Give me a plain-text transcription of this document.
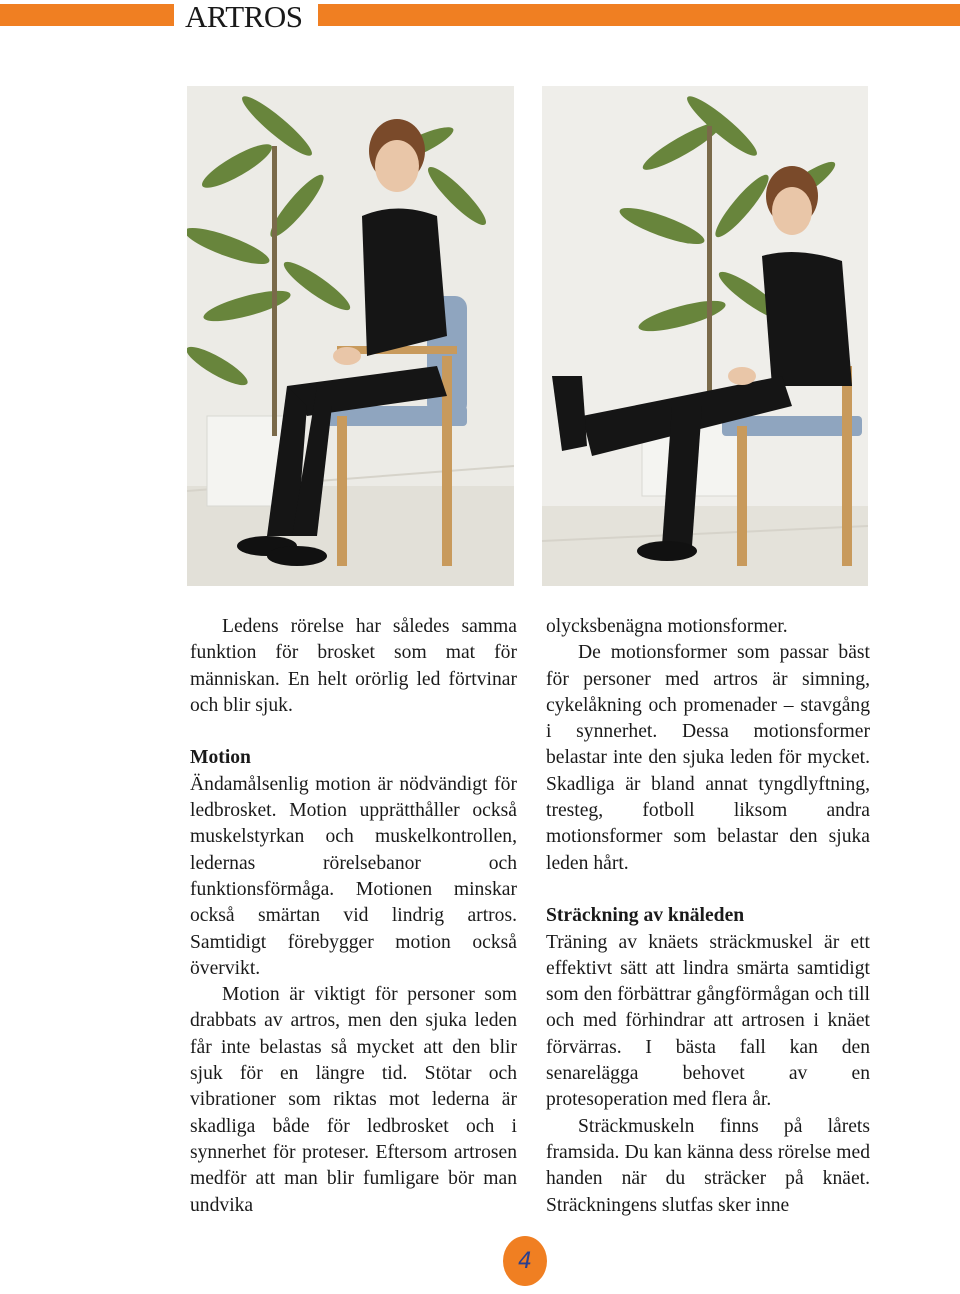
ARTROS

Ledens rörelse har således samma funktion för brosket som mat för människan. En helt orörlig led förtvinar och blir sjuk.

Motion

Ändamålsenlig motion är nödvändigt för ledbrosket. Motion upprätthåller också muskelstyrkan och muskelkontrollen, ledernas rörelsebanor och funktionsförmåga. Motionen minskar också smärtan vid lindrig artros. Samtidigt förebygger motion också övervikt.

Motion är viktigt för personer som drabbats av artros, men den sjuka leden får inte belastas så mycket att den blir sjuk för en längre tid. Stötar och vibrationer som riktas mot lederna är skadliga både för ledbrosket och i synnerhet för proteser. Eftersom artrosen medför att man blir fumligare bör man undvika

olycksbenägna motionsformer.

De motionsformer som passar bäst för personer med artros är simning, cykelåkning och promenader – stavgång i synnerhet. Dessa motionsformer belastar inte den sjuka leden för mycket. Skadliga är bland annat tyngdlyftning, tresteg, fotboll liksom andra motionsformer som belastar den sjuka leden hårt.

Sträckning av knäleden

Träning av knäets sträckmuskel är ett effektivt sätt att lindra smärta samtidigt som den förbättrar gångförmågan och till och med förhindrar att artrosen i knäet förvärras. I bästa fall kan den senarelägga behovet av en protesoperation med flera år.

Sträckmuskeln finns på lårets framsida. Du kan känna dess rörelse med handen när du sträcker på knäet. Sträckningens slutfas sker inne

4
